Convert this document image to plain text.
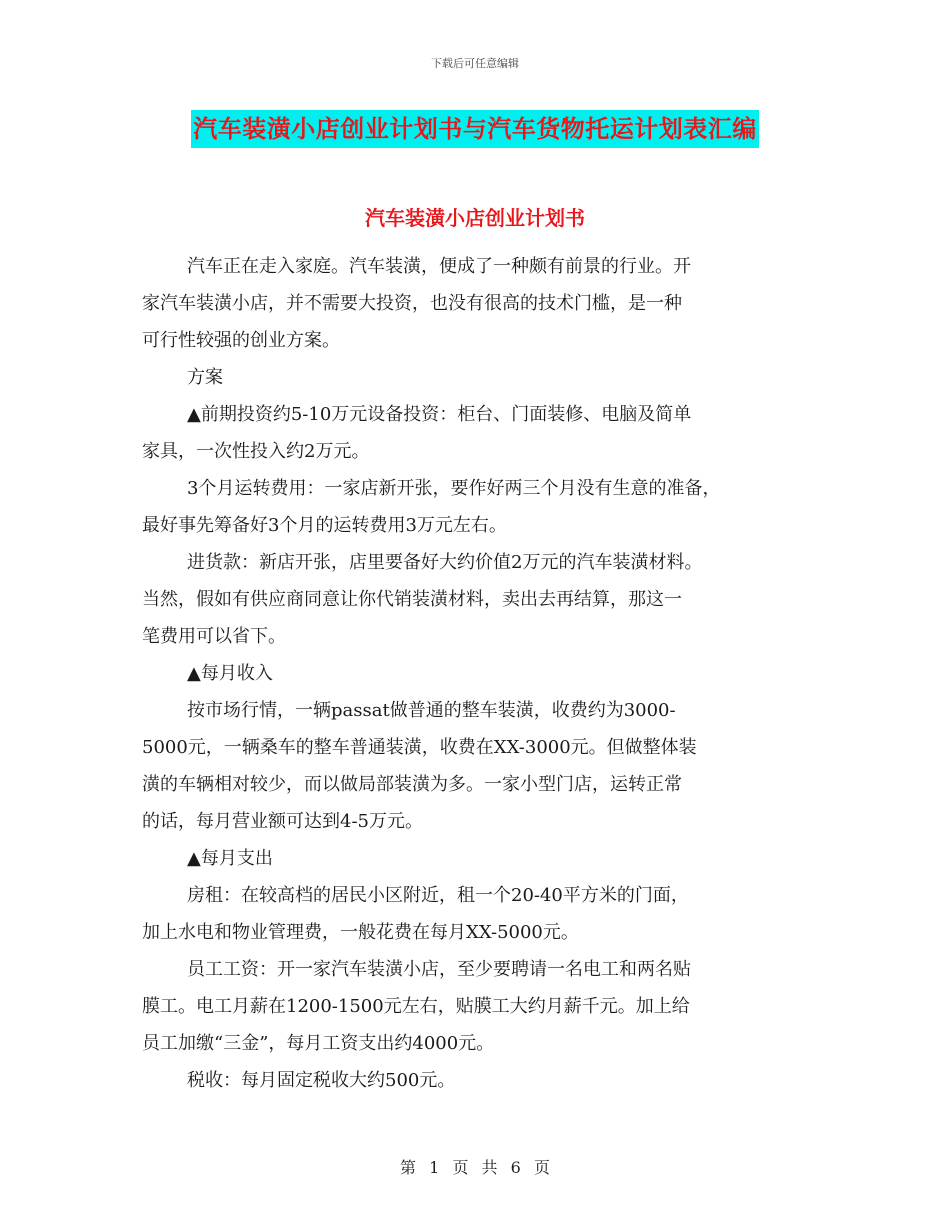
下载后可任意编辑
汽车装潢小店创业计划书与汽车货物托运计划表汇编
汽车装潢小店创业计划书

汽车正在走入家庭。汽车装潢，便成了一种颇有前景的行业。开
家汽车装潢小店，并不需要大投资，也没有很高的技术门槛，是一种
可行性较强的创业方案。

方案

▲前期投资约5-10万元设备投资：柜台、门面装修、电脑及简单
家具，一次性投入约2万元。

3个月运转费用：一家店新开张，要作好两三个月没有生意的准备，
最好事先筹备好3个月的运转费用3万元左右。

进货款：新店开张，店里要备好大约价值2万元的汽车装潢材料。
当然，假如有供应商同意让你代销装潢材料，卖出去再结算，那这一
笔费用可以省下。

▲每月收入

按市场行情，一辆passat做普通的整车装潢，收费约为3000-
5000元，一辆桑车的整车普通装潢，收费在XX-3000元。但做整体装
潢的车辆相对较少，而以做局部装潢为多。一家小型门店，运转正常
的话，每月营业额可达到4-5万元。

▲每月支出

房租：在较高档的居民小区附近，租一个20-40平方米的门面，
加上水电和物业管理费，一般花费在每月XX-5000元。

员工工资：开一家汽车装潢小店，至少要聘请一名电工和两名贴
膜工。电工月薪在1200-1500元左右，贴膜工大约月薪千元。加上给
员工加缴“三金”，每月工资支出约4000元。

税收：每月固定税收大约500元。

第 1 页 共 6 页
